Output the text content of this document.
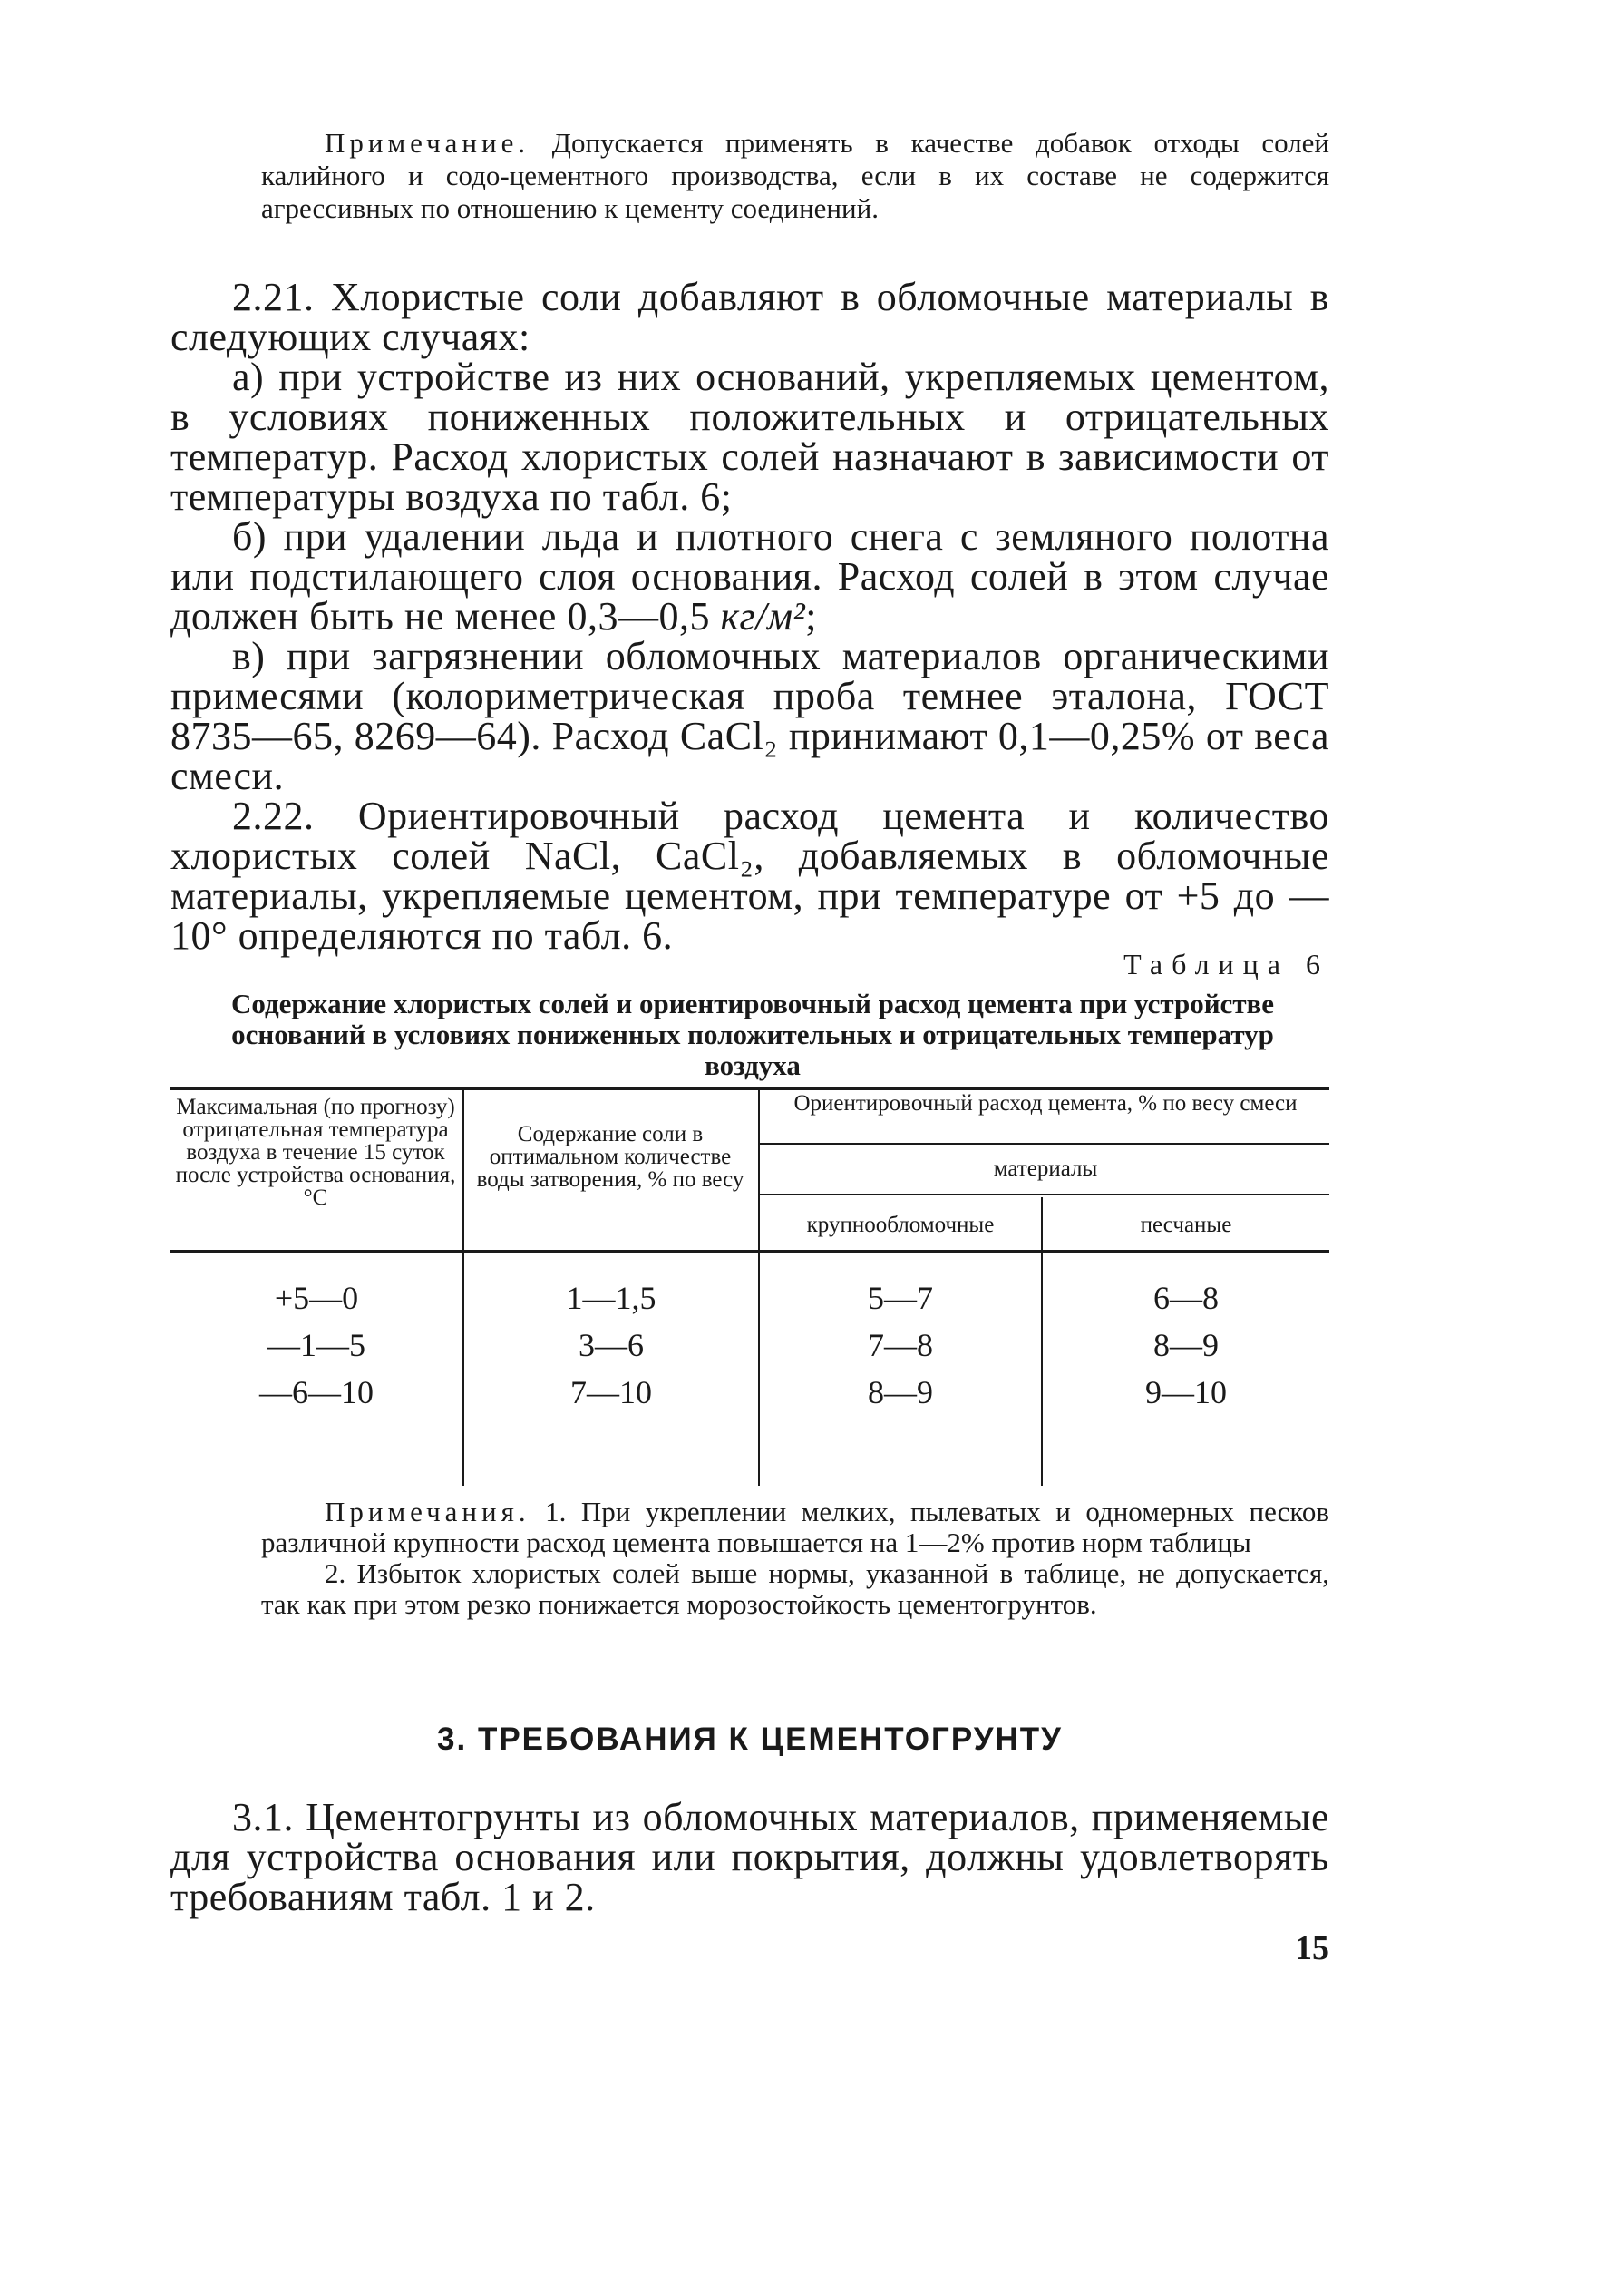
Примечание. Допускается применять в качестве добавок отходы солей калийного и содо-цементного производства, если в их составе не содержится агрессивных по отношению к цементу соединений.

2.21. Хлористые соли добавляют в обломочные материалы в следующих случаях:

а) при устройстве из них оснований, укрепляемых цементом, в условиях пониженных положительных и отрицательных температур. Расход хлористых солей назначают в зависимости от температуры воздуха по табл. 6;

б) при удалении льда и плотного снега с земляного полотна или подстилающего слоя основания. Расход солей в этом случае должен быть не менее 0,3—0,5 кг/м²;

в) при загрязнении обломочных материалов органическими примесями (колориметрическая проба темнее эталона, ГОСТ 8735—65, 8269—64). Расход CaCl₂ принимают 0,1—0,25% от веса смеси.

2.22. Ориентировочный расход цемента и количество хлористых солей NaCl, CaCl₂, добавляемых в обломочные материалы, укрепляемые цементом, при температуре от +5 до —10° определяются по табл. 6.

Таблица 6

Содержание хлористых солей и ориентировочный расход цемента при устройстве оснований в условиях пониженных положительных и отрицательных температур воздуха

Максимальная (по прогнозу) отрицательная температура воздуха в течение 15 суток после устройства основания, °С

Содержание соли в оптимальном количестве воды затворения, % по весу

Ориентировочный расход цемента, % по весу смеси

материалы

крупнообломочные	песчаные

+5—0	1—1,5	5—7	6—8

—1—5	3—6	7—8	8—9

—6—10	7—10	8—9	9—10

Примечания. 1. При укреплении мелких, пылеватых и одномерных песков различной крупности расход цемента повышается на 1—2% против норм таблицы

2. Избыток хлористых солей выше нормы, указанной в таблице, не допускается, так как при этом резко понижается морозостойкость цементогрунтов.

3. ТРЕБОВАНИЯ К ЦЕМЕНТОГРУНТУ

3.1. Цементогрунты из обломочных материалов, применяемые для устройства основания или покрытия, должны удовлетворять требованиям табл. 1 и 2.

15
